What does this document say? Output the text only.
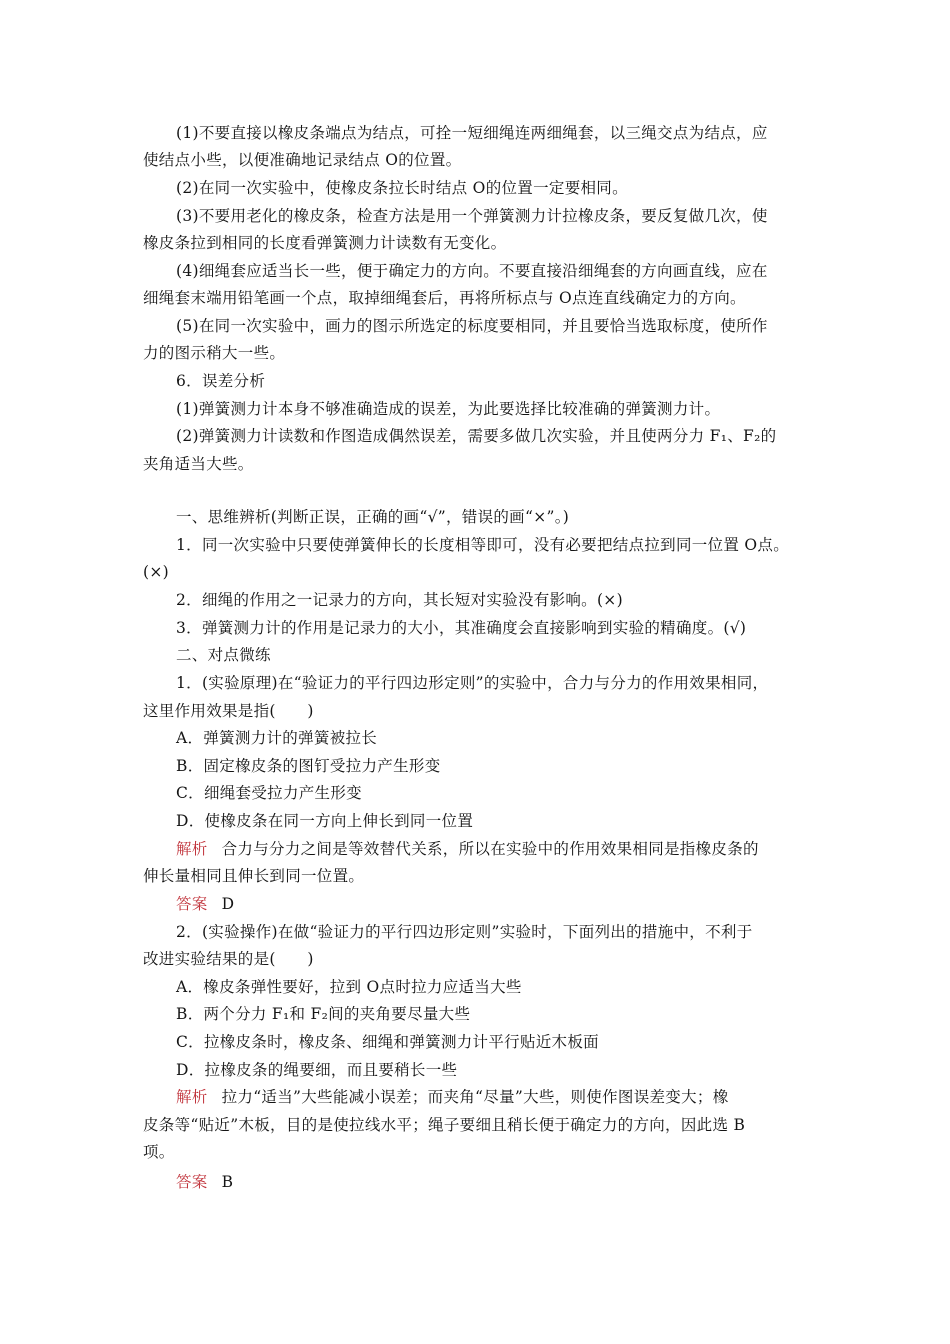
(1)不要直接以橡皮条端点为结点，可拴一短细绳连两细绳套，以三绳交点为结点，应
使结点小些，以便准确地记录结点 O的位置。
(2)在同一次实验中，使橡皮条拉长时结点 O的位置一定要相同。
(3)不要用老化的橡皮条，检查方法是用一个弹簧测力计拉橡皮条，要反复做几次，使
橡皮条拉到相同的长度看弹簧测力计读数有无变化。
(4)细绳套应适当长一些，便于确定力的方向。不要直接沿细绳套的方向画直线，应在
细绳套末端用铅笔画一个点，取掉细绳套后，再将所标点与 O点连直线确定力的方向。
(5)在同一次实验中，画力的图示所选定的标度要相同，并且要恰当选取标度，使所作
力的图示稍大一些。
6．误差分析
(1)弹簧测力计本身不够准确造成的误差，为此要选择比较准确的弹簧测力计。
(2)弹簧测力计读数和作图造成偶然误差，需要多做几次实验，并且使两分力 F₁、F₂的
夹角适当大些。
一、思维辨析(判断正误，正确的画“√”，错误的画“×”。)
1．同一次实验中只要使弹簧伸长的长度相等即可，没有必要把结点拉到同一位置 O点。
(×)
2．细绳的作用之一记录力的方向，其长短对实验没有影响。(×)
3．弹簧测力计的作用是记录力的大小，其准确度会直接影响到实验的精确度。(√)
二、对点微练
1．(实验原理)在“验证力的平行四边形定则”的实验中，合力与分力的作用效果相同，
这里作用效果是指(　　)
A．弹簧测力计的弹簧被拉长
B．固定橡皮条的图钉受拉力产生形变
C．细绳套受拉力产生形变
D．使橡皮条在同一方向上伸长到同一位置
解析 合力与分力之间是等效替代关系，所以在实验中的作用效果相同是指橡皮条的
伸长量相同且伸长到同一位置。
答案 D
2．(实验操作)在做“验证力的平行四边形定则”实验时，下面列出的措施中，不利于
改进实验结果的是(　　)
A．橡皮条弹性要好，拉到 O点时拉力应适当大些
B．两个分力 F₁和 F₂间的夹角要尽量大些
C．拉橡皮条时，橡皮条、细绳和弹簧测力计平行贴近木板面
D．拉橡皮条的绳要细，而且要稍长一些
解析 拉力“适当”大些能减小误差；而夹角“尽量”大些，则使作图误差变大；橡
皮条等“贴近”木板，目的是使拉线水平；绳子要细且稍长便于确定力的方向，因此选 B
项。
答案 B
